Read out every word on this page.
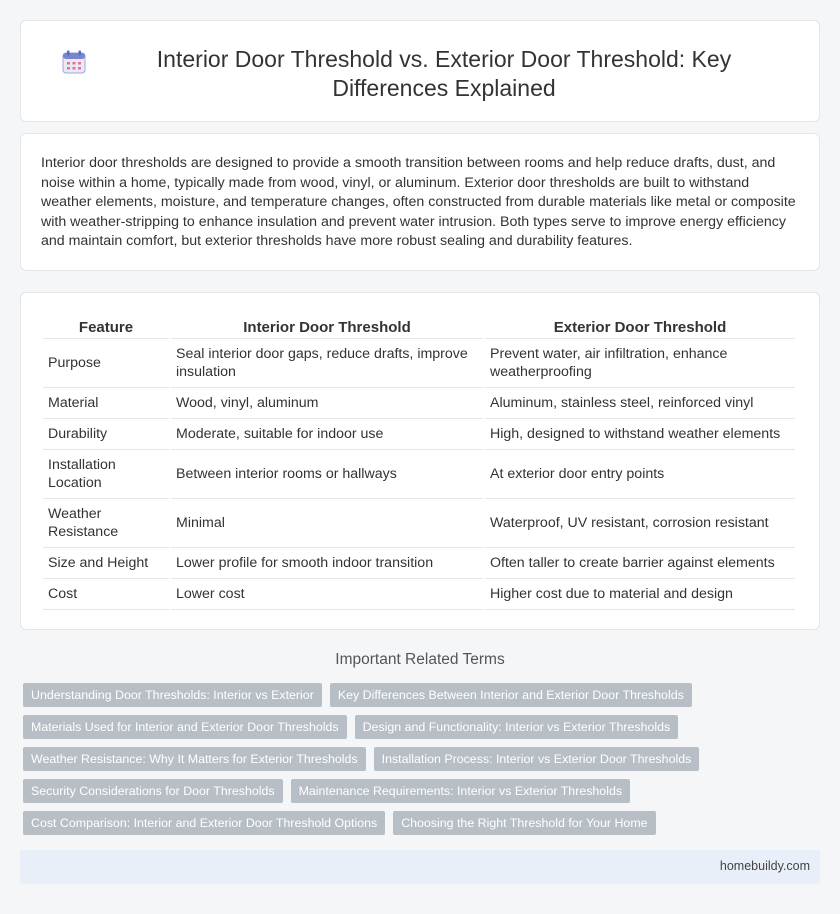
Interior Door Threshold vs. Exterior Door Threshold: Key Differences Explained

Interior door thresholds are designed to provide a smooth transition between rooms and help reduce drafts, dust, and noise within a home, typically made from wood, vinyl, or aluminum. Exterior door thresholds are built to withstand weather elements, moisture, and temperature changes, often constructed from durable materials like metal or composite with weather-stripping to enhance insulation and prevent water intrusion. Both types serve to improve energy efficiency and maintain comfort, but exterior thresholds have more robust sealing and durability features.

Feature	Interior Door Threshold	Exterior Door Threshold
Purpose	Seal interior door gaps, reduce drafts, improve insulation	Prevent water, air infiltration, enhance weatherproofing
Material	Wood, vinyl, aluminum	Aluminum, stainless steel, reinforced vinyl
Durability	Moderate, suitable for indoor use	High, designed to withstand weather elements
Installation Location	Between interior rooms or hallways	At exterior door entry points
Weather Resistance	Minimal	Waterproof, UV resistant, corrosion resistant
Size and Height	Lower profile for smooth indoor transition	Often taller to create barrier against elements
Cost	Lower cost	Higher cost due to material and design
Important Related Terms
Understanding Door Thresholds: Interior vs Exterior	Key Differences Between Interior and Exterior Door Thresholds
Materials Used for Interior and Exterior Door Thresholds	Design and Functionality: Interior vs Exterior Thresholds
Weather Resistance: Why It Matters for Exterior Thresholds	Installation Process: Interior vs Exterior Door Thresholds
Security Considerations for Door Thresholds	Maintenance Requirements: Interior vs Exterior Thresholds
Cost Comparison: Interior and Exterior Door Threshold Options	Choosing the Right Threshold for Your Home
homebuildy.com
